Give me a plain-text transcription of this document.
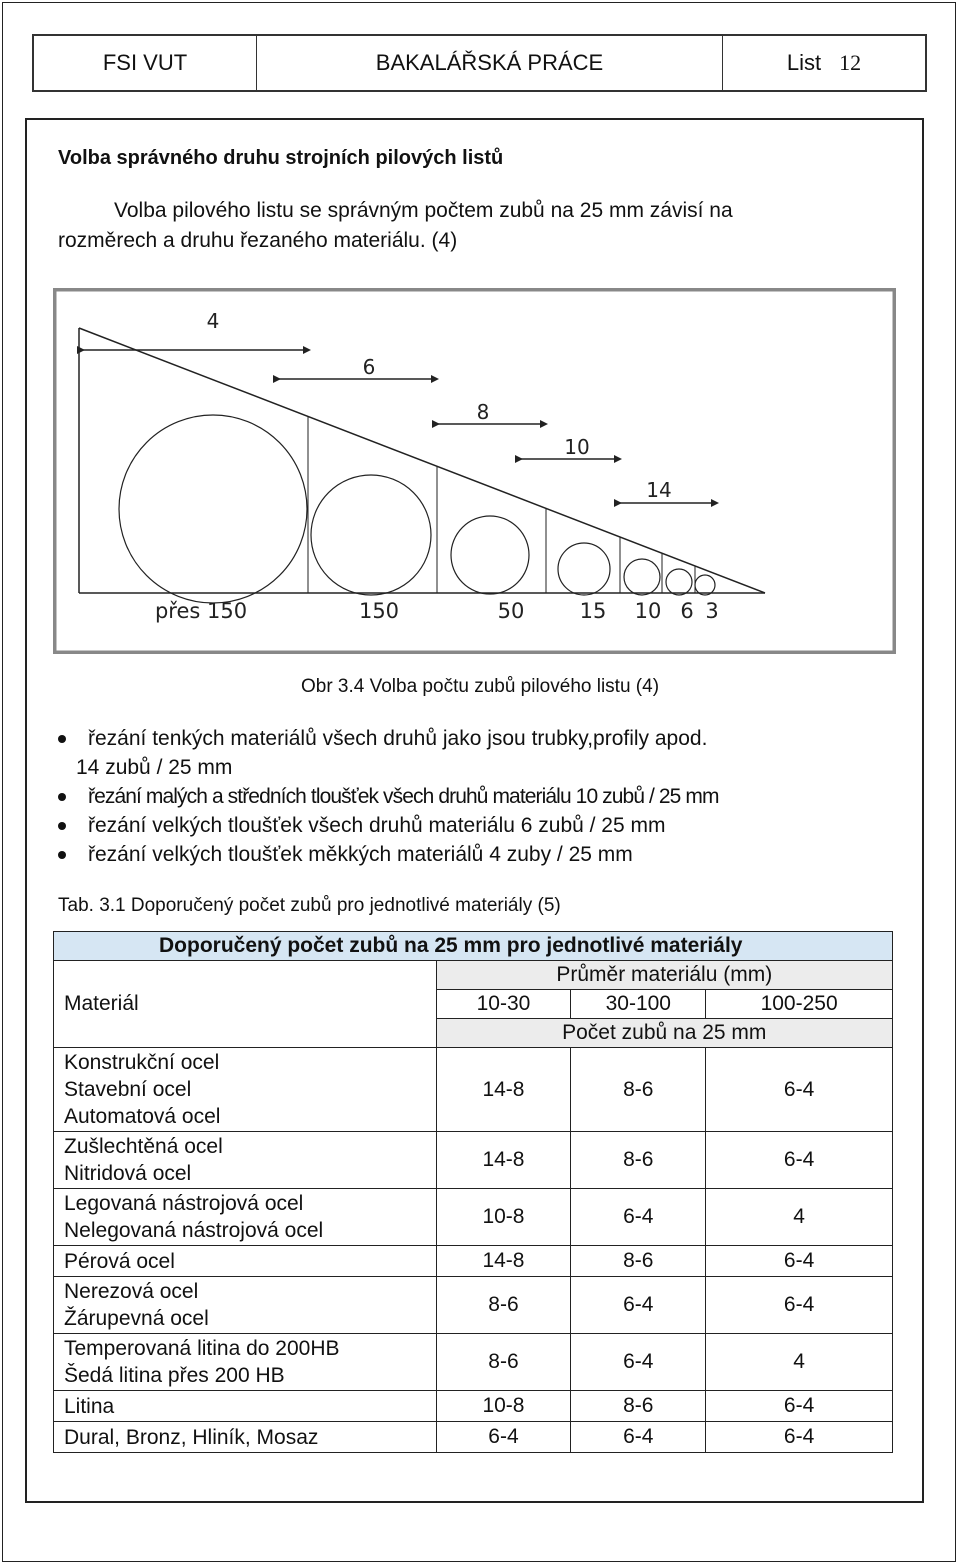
FSI VUT	BAKALÁŘSKÁ PRÁCE	List 12
Volba správného druhu strojních pilových listů
Volba pilového listu se správným počtem zubů na 25 mm závisí na
rozměrech a druhu řezaného materiálu. (4)
4
6
8
10
14
přes 150	150	50	15 10 6 3
Obr 3.4 Volba počtu zubů pilového listu (4)
řezání tenkých materiálů všech druhů jako jsou trubky,profily apod.
14 zubů / 25 mm
řezání malých a středních tloušťek všech druhů materiálu 10 zubů / 25 mm
řezání velkých tloušťek všech druhů materiálu 6 zubů / 25 mm
řezání velkých tloušťek měkkých materiálů 4 zuby / 25 mm
Tab. 3.1 Doporučený počet zubů pro jednotlivé materiály (5)
Doporučený počet zubů na 25 mm pro jednotlivé materiály			
Materiál	Průměr materiálu (mm)		
	10-30	30-100	100-250
	Počet zubů na 25 mm		

Konstrukční ocel
Stavební ocel
Automatová ocel	14-8	8-6	6-4

Zušlechtěná ocel
Nitridová ocel	14-8	8-6	6-4

Legovaná nástrojová ocel
Nelegovaná nástrojová ocel	10-8	6-4	4

Pérová ocel	14-8	8-6	6-4

Nerezová ocel
Žárupevná ocel	8-6	6-4	6-4

Temperovaná litina do 200HB
Šedá litina přes 200 HB	8-6	6-4	4

Litina	10-8	8-6	6-4

Dural, Bronz, Hliník, Mosaz	6-4	6-4	6-4
